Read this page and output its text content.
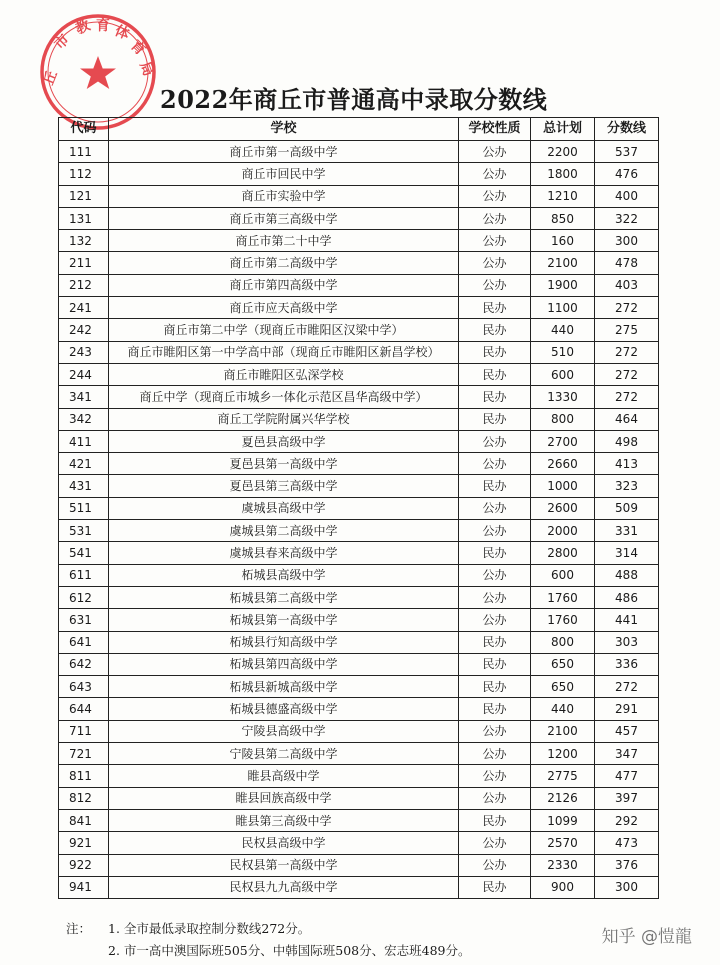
丘
市
教 育 体
育
局
2022年商丘市普通高中录取分数线
代码	学校	学校性质	总计划	分数线
111	商丘市第一高级中学	公办	2200	537
112	商丘市回民中学	公办	1800	476
121	商丘市实验中学	公办	1210	400
131	商丘市第三高级中学	公办	850	322
132	商丘市第二十中学	公办	160	300
211	商丘市第二高级中学	公办	2100	478
212	商丘市第四高级中学	公办	1900	403
241	商丘市应天高级中学	民办	1100	272
242	商丘市第二中学（现商丘市睢阳区汉梁中学）	民办	440	275
243	商丘市睢阳区第一中学高中部（现商丘市睢阳区新昌学校）	民办	510	272
244	商丘市睢阳区弘深学校	民办	600	272
341	商丘中学（现商丘市城乡一体化示范区昌华高级中学）	民办	1330	272
342	商丘工学院附属兴华学校	民办	800	464
411	夏邑县高级中学	公办	2700	498
421	夏邑县第一高级中学	公办	2660	413
431	夏邑县第三高级中学	民办	1000	323
511	虞城县高级中学	公办	2600	509
531	虞城县第二高级中学	公办	2000	331
541	虞城县春来高级中学	民办	2800	314
611	柘城县高级中学	公办	600	488
612	柘城县第二高级中学	公办	1760	486
631	柘城县第一高级中学	公办	1760	441
641	柘城县行知高级中学	民办	800	303
642	柘城县第四高级中学	民办	650	336
643	柘城县新城高级中学	民办	650	272
644	柘城县德盛高级中学	民办	440	291
711	宁陵县高级中学	公办	2100	457
721	宁陵县第二高级中学	公办	1200	347
811	睢县高级中学	公办	2775	477
812	睢县回族高级中学	公办	2126	397
841	睢县第三高级中学	民办	1099	292
921	民权县高级中学	公办	2570	473
922	民权县第一高级中学	公办	2330	376
941	民权县九九高级中学	民办	900	300
注：	1. 全市最低录取控制分数线272分。
2. 市一高中澳国际班505分、中韩国际班508分、宏志班489分。
知乎 @愷龍
